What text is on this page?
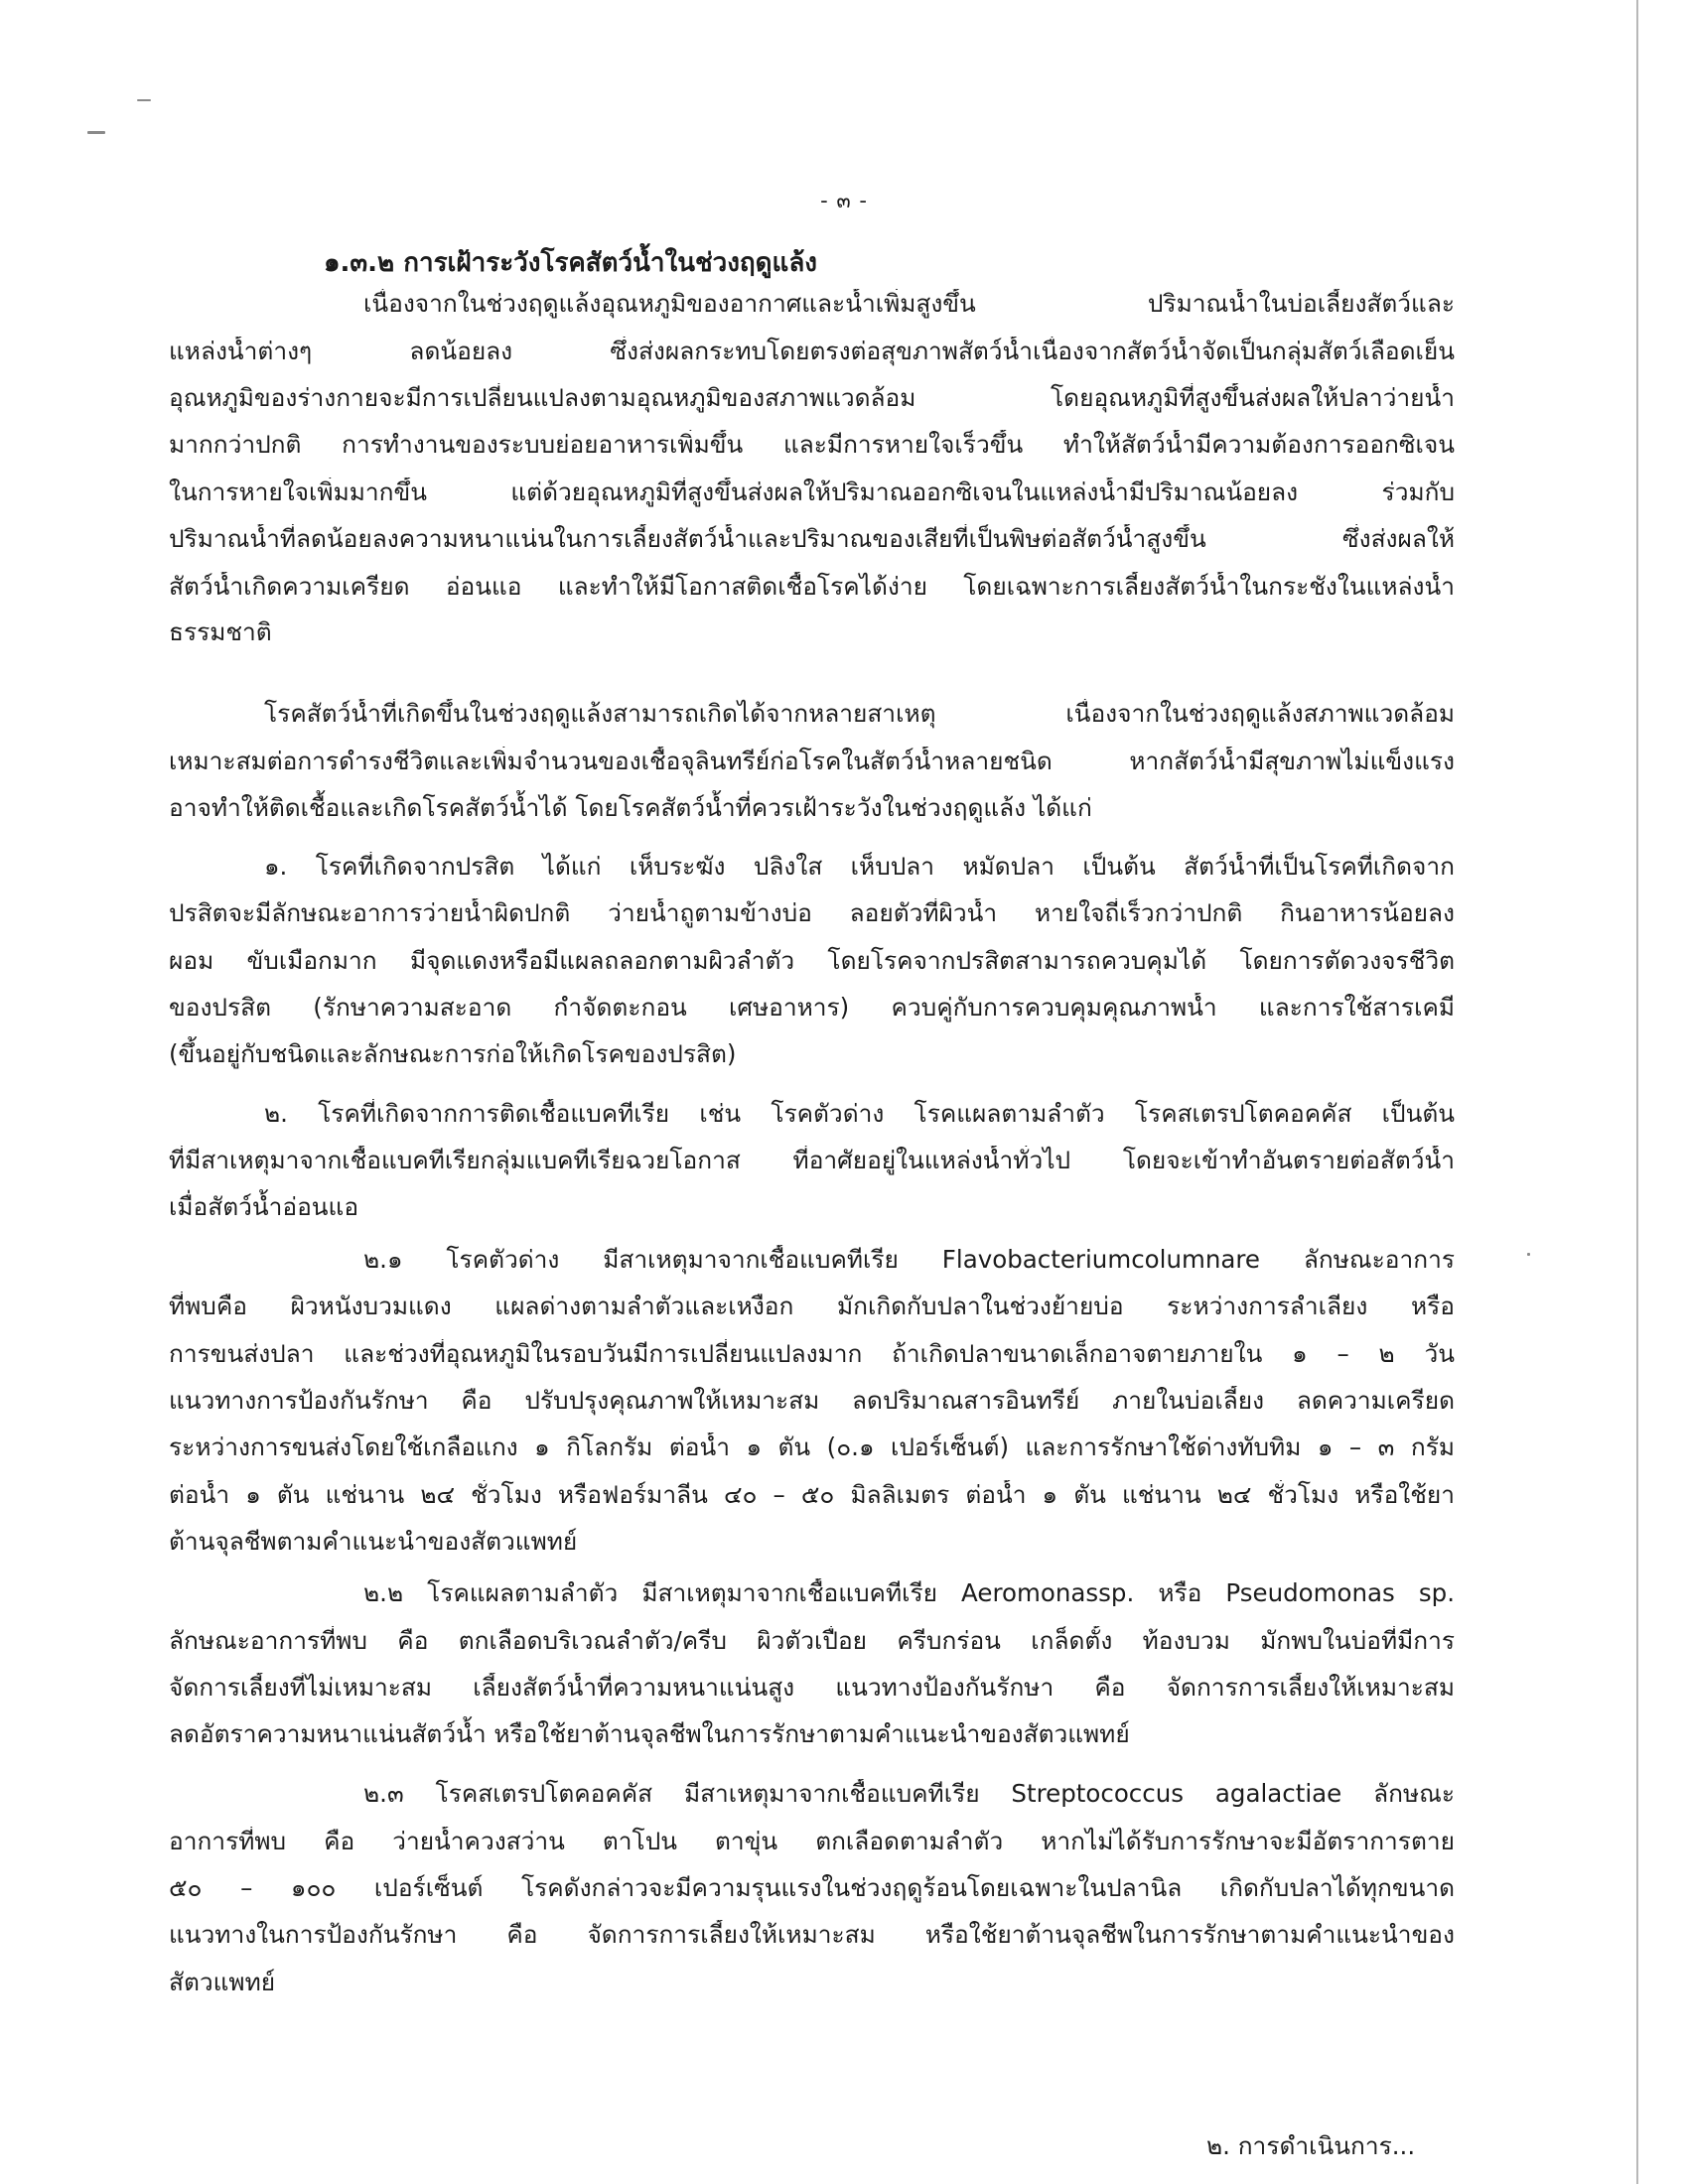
- ๓ -
๑.๓.๒ การเฝ้าระวังโรคสัตว์น้ำในช่วงฤดูแล้ง
เนื่องจากในช่วงฤดูแล้งอุณหภูมิของอากาศและน้ำเพิ่มสูงขึ้น ปริมาณน้ำในบ่อเลี้ยงสัตว์และ
แหล่งน้ำต่างๆ ลดน้อยลง ซึ่งส่งผลกระทบโดยตรงต่อสุขภาพสัตว์น้ำเนื่องจากสัตว์น้ำจัดเป็นกลุ่มสัตว์เลือดเย็น
อุณหภูมิของร่างกายจะมีการเปลี่ยนแปลงตามอุณหภูมิของสภาพแวดล้อม โดยอุณหภูมิที่สูงขึ้นส่งผลให้ปลาว่ายน้ำ
มากกว่าปกติ การทำงานของระบบย่อยอาหารเพิ่มขึ้น และมีการหายใจเร็วขึ้น ทำให้สัตว์น้ำมีความต้องการออกซิเจน
ในการหายใจเพิ่มมากขึ้น แต่ด้วยอุณหภูมิที่สูงขึ้นส่งผลให้ปริมาณออกซิเจนในแหล่งน้ำมีปริมาณน้อยลง ร่วมกับ
ปริมาณน้ำที่ลดน้อยลงความหนาแน่นในการเลี้ยงสัตว์น้ำและปริมาณของเสียที่เป็นพิษต่อสัตว์น้ำสูงขึ้น ซึ่งส่งผลให้
สัตว์น้ำเกิดความเครียด อ่อนแอ และทำให้มีโอกาสติดเชื้อโรคได้ง่าย โดยเฉพาะการเลี้ยงสัตว์น้ำในกระชังในแหล่งน้ำ
ธรรมชาติ
โรคสัตว์น้ำที่เกิดขึ้นในช่วงฤดูแล้งสามารถเกิดได้จากหลายสาเหตุ เนื่องจากในช่วงฤดูแล้งสภาพแวดล้อม
เหมาะสมต่อการดำรงชีวิตและเพิ่มจำนวนของเชื้อจุลินทรีย์ก่อโรคในสัตว์น้ำหลายชนิด หากสัตว์น้ำมีสุขภาพไม่แข็งแรง
อาจทำให้ติดเชื้อและเกิดโรคสัตว์น้ำได้ โดยโรคสัตว์น้ำที่ควรเฝ้าระวังในช่วงฤดูแล้ง ได้แก่
๑. โรคที่เกิดจากปรสิต ได้แก่ เห็บระฆัง ปลิงใส เห็บปลา หมัดปลา เป็นต้น สัตว์น้ำที่เป็นโรคที่เกิดจาก
ปรสิตจะมีลักษณะอาการว่ายน้ำผิดปกติ ว่ายน้ำถูตามข้างบ่อ ลอยตัวที่ผิวน้ำ หายใจถี่เร็วกว่าปกติ กินอาหารน้อยลง
ผอม ขับเมือกมาก มีจุดแดงหรือมีแผลถลอกตามผิวลำตัว โดยโรคจากปรสิตสามารถควบคุมได้ โดยการตัดวงจรชีวิต
ของปรสิต (รักษาความสะอาด กำจัดตะกอน เศษอาหาร) ควบคู่กับการควบคุมคุณภาพน้ำ และการใช้สารเคมี
(ขึ้นอยู่กับชนิดและลักษณะการก่อให้เกิดโรคของปรสิต)
๒. โรคที่เกิดจากการติดเชื้อแบคทีเรีย เช่น โรคตัวด่าง โรคแผลตามลำตัว โรคสเตรปโตคอคคัส เป็นต้น
ที่มีสาเหตุมาจากเชื้อแบคทีเรียกลุ่มแบคทีเรียฉวยโอกาส ที่อาศัยอยู่ในแหล่งน้ำทั่วไป โดยจะเข้าทำอันตรายต่อสัตว์น้ำ
เมื่อสัตว์น้ำอ่อนแอ
๒.๑ โรคตัวด่าง มีสาเหตุมาจากเชื้อแบคทีเรีย Flavobacteriumcolumnare ลักษณะอาการ
ที่พบคือ ผิวหนังบวมแดง แผลด่างตามลำตัวและเหงือก มักเกิดกับปลาในช่วงย้ายบ่อ ระหว่างการลำเลียง หรือ
การขนส่งปลา และช่วงที่อุณหภูมิในรอบวันมีการเปลี่ยนแปลงมาก ถ้าเกิดปลาขนาดเล็กอาจตายภายใน ๑ – ๒ วัน
แนวทางการป้องกันรักษา คือ ปรับปรุงคุณภาพให้เหมาะสม ลดปริมาณสารอินทรีย์ ภายในบ่อเลี้ยง ลดความเครียด
ระหว่างการขนส่งโดยใช้เกลือแกง ๑ กิโลกรัม ต่อน้ำ ๑ ตัน (๐.๑ เปอร์เซ็นต์) และการรักษาใช้ด่างทับทิม ๑ – ๓ กรัม
ต่อน้ำ ๑ ตัน แช่นาน ๒๔ ชั่วโมง หรือฟอร์มาลีน ๔๐ – ๕๐ มิลลิเมตร ต่อน้ำ ๑ ตัน แช่นาน ๒๔ ชั่วโมง หรือใช้ยา
ต้านจุลชีพตามคำแนะนำของสัตวแพทย์
๒.๒ โรคแผลตามลำตัว มีสาเหตุมาจากเชื้อแบคทีเรีย Aeromonassp. หรือ Pseudomonas sp.
ลักษณะอาการที่พบ คือ ตกเลือดบริเวณลำตัว/ครีบ ผิวตัวเปื่อย ครีบกร่อน เกล็ดตั้ง ท้องบวม มักพบในบ่อที่มีการ
จัดการเลี้ยงที่ไม่เหมาะสม เลี้ยงสัตว์น้ำที่ความหนาแน่นสูง แนวทางป้องกันรักษา คือ จัดการการเลี้ยงให้เหมาะสม
ลดอัตราความหนาแน่นสัตว์น้ำ หรือใช้ยาต้านจุลชีพในการรักษาตามคำแนะนำของสัตวแพทย์
๒.๓ โรคสเตรปโตคอคคัส มีสาเหตุมาจากเชื้อแบคทีเรีย Streptococcus agalactiae ลักษณะ
อาการที่พบ คือ ว่ายน้ำควงสว่าน ตาโปน ตาขุ่น ตกเลือดตามลำตัว หากไม่ได้รับการรักษาจะมีอัตราการตาย
๕๐ – ๑๐๐ เปอร์เซ็นต์ โรคดังกล่าวจะมีความรุนแรงในช่วงฤดูร้อนโดยเฉพาะในปลานิล เกิดกับปลาได้ทุกขนาด
แนวทางในการป้องกันรักษา คือ จัดการการเลี้ยงให้เหมาะสม หรือใช้ยาต้านจุลชีพในการรักษาตามคำแนะนำของ
สัตวแพทย์
๒. การดำเนินการ...
